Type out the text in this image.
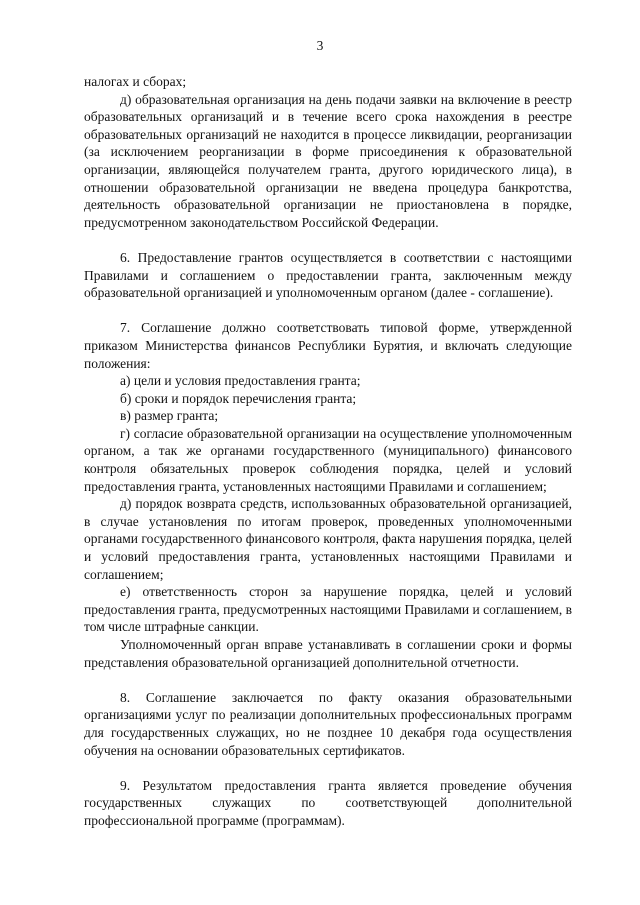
3

налогах и сборах;

д) образовательная организация на день подачи заявки на включение в реестр образовательных организаций и в течение всего срока нахождения в реестре образовательных организаций не находится в процессе ликвидации, реорганизации (за исключением реорганизации в форме присоединения к образовательной организации, являющейся получателем гранта, другого юридического лица), в отношении образовательной организации не введена процедура банкротства, деятельность образовательной организации не приостановлена в порядке, предусмотренном законодательством Российской Федерации.

6. Предоставление грантов осуществляется в соответствии с настоящими Правилами и соглашением о предоставлении гранта, заключенным между образовательной организацией и уполномоченным органом (далее - соглашение).

7. Соглашение должно соответствовать типовой форме, утвержденной приказом Министерства финансов Республики Бурятия, и включать следующие положения:

а) цели и условия предоставления гранта;

б) сроки и порядок перечисления гранта;

в) размер гранта;

г) согласие образовательной организации на осуществление уполномоченным органом, а так же органами государственного (муниципального) финансового контроля обязательных проверок соблюдения порядка, целей и условий предоставления гранта, установленных настоящими Правилами и соглашением;

д) порядок возврата средств, использованных образовательной организацией, в случае установления по итогам проверок, проведенных уполномоченными органами государственного финансового контроля, факта нарушения порядка, целей и условий предоставления гранта, установленных настоящими Правилами и соглашением;

е) ответственность сторон за нарушение порядка, целей и условий предоставления гранта, предусмотренных настоящими Правилами и соглашением, в том числе штрафные санкции.

Уполномоченный орган вправе устанавливать в соглашении сроки и формы представления образовательной организацией дополнительной отчетности.

8. Соглашение заключается по факту оказания образовательными организациями услуг по реализации дополнительных профессиональных программ для государственных служащих, но не позднее 10 декабря года осуществления обучения на основании образовательных сертификатов.

9. Результатом предоставления гранта является проведение обучения государственных служащих по соответствующей дополнительной профессиональной программе (программам).
